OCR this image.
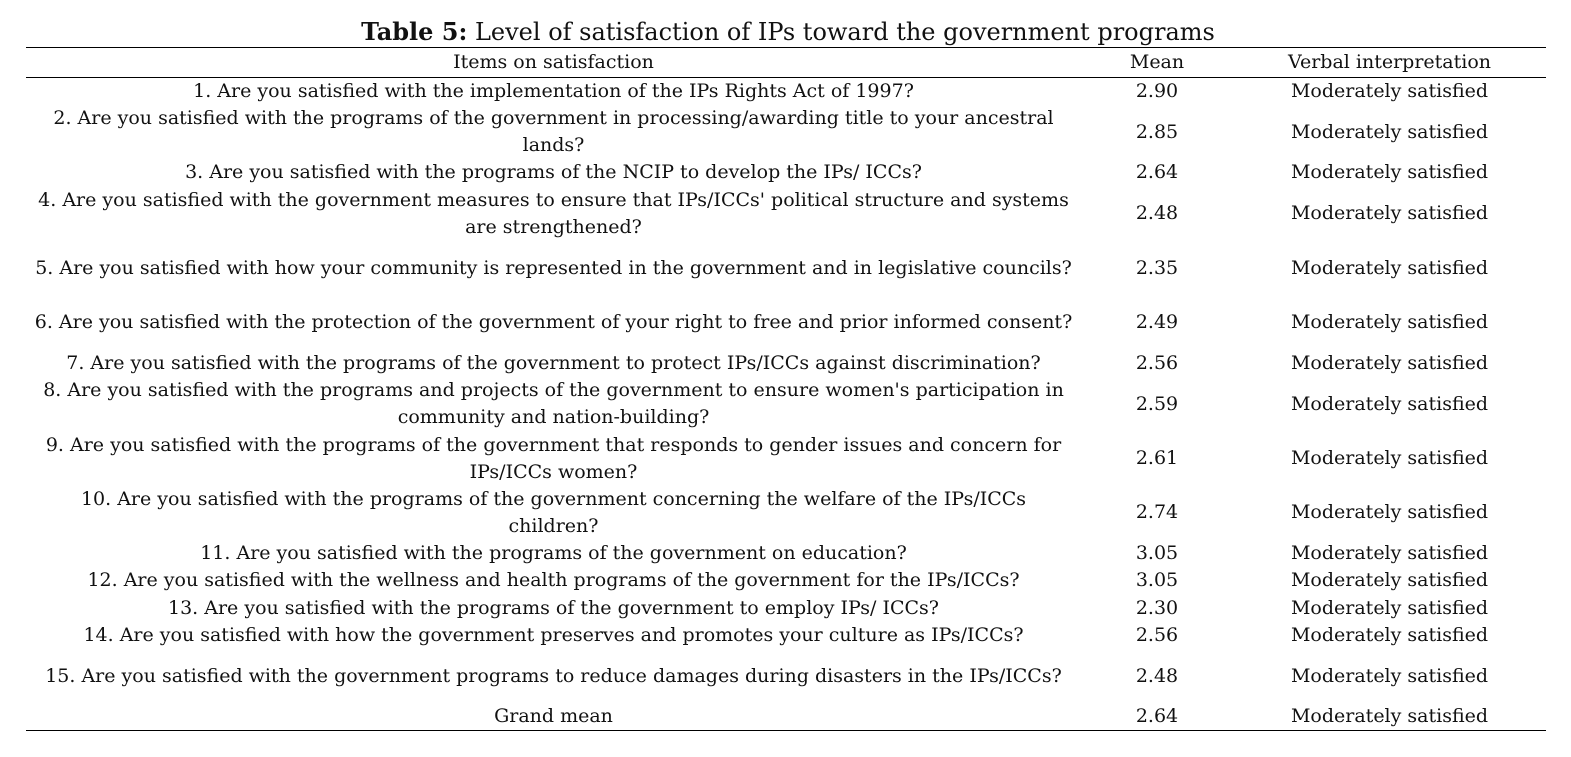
Table 5: Level of satisfaction of IPs toward the government programs
Items on satisfaction	Mean	Verbal interpretation
1. Are you satisfied with the implementation of the IPs Rights Act of 1997?	2.90	Moderately satisfied
2. Are you satisfied with the programs of the government in processing/awarding title to your ancestral lands?	2.85	Moderately satisfied
3. Are you satisfied with the programs of the NCIP to develop the IPs/ ICCs?	2.64	Moderately satisfied
4. Are you satisfied with the government measures to ensure that IPs/ICCs' political structure and systems are strengthened?	2.48	Moderately satisfied
5. Are you satisfied with how your community is represented in the government and in legislative councils?	2.35	Moderately satisfied
6. Are you satisfied with the protection of the government of your right to free and prior informed consent?	2.49	Moderately satisfied
7. Are you satisfied with the programs of the government to protect IPs/ICCs against discrimination?	2.56	Moderately satisfied
8. Are you satisfied with the programs and projects of the government to ensure women's participation in community and nation-building?	2.59	Moderately satisfied
9. Are you satisfied with the programs of the government that responds to gender issues and concern for IPs/ICCs women?	2.61	Moderately satisfied
10. Are you satisfied with the programs of the government concerning the welfare of the IPs/ICCs children?	2.74	Moderately satisfied
11. Are you satisfied with the programs of the government on education?	3.05	Moderately satisfied
12. Are you satisfied with the wellness and health programs of the government for the IPs/ICCs?	3.05	Moderately satisfied
13. Are you satisfied with the programs of the government to employ IPs/ ICCs?	2.30	Moderately satisfied
14. Are you satisfied with how the government preserves and promotes your culture as IPs/ICCs?	2.56	Moderately satisfied
15. Are you satisfied with the government programs to reduce damages during disasters in the IPs/ICCs?	2.48	Moderately satisfied
Grand mean	2.64	Moderately satisfied
